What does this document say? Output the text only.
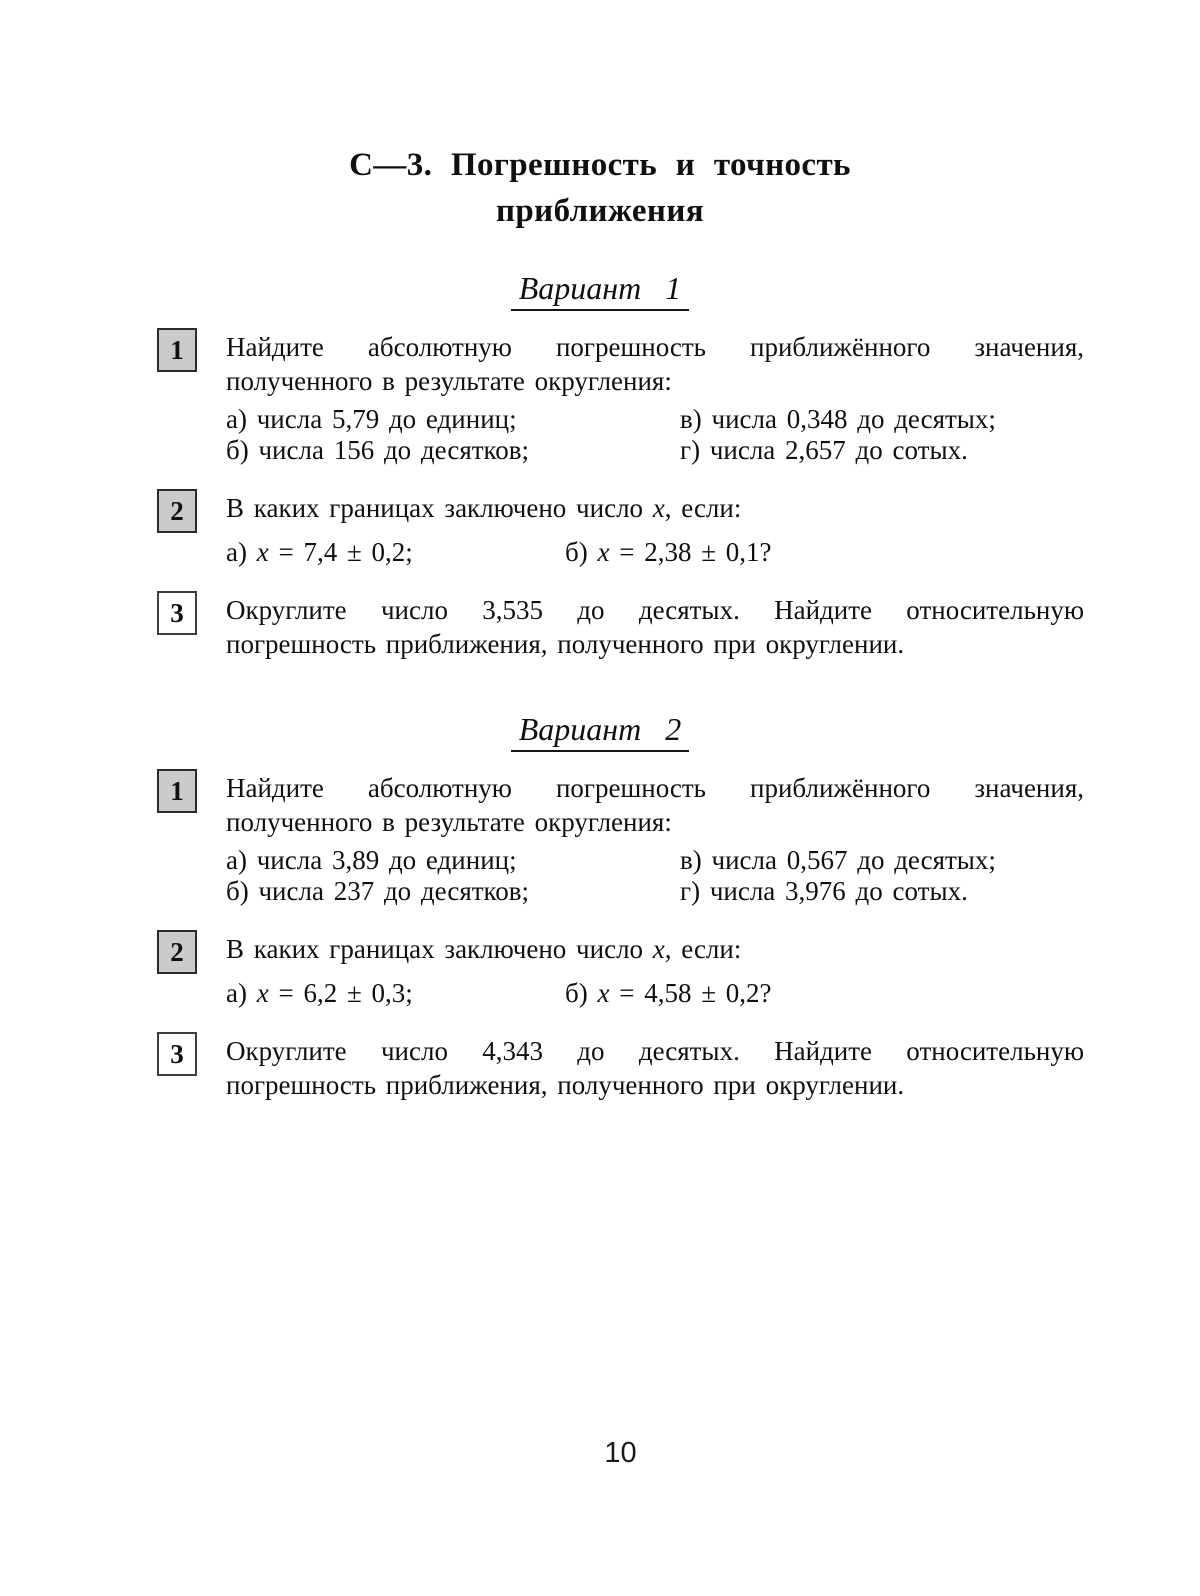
С—3. Погрешность и точность
приближения
Вариант 1
1	Найдите абсолютную погрешность приближённого значения,
полученного в результате округления:
а) числа 5,79 до единиц;	в) числа 0,348 до десятых;
б) числа 156 до десятков;	г) числа 2,657 до сотых.
2	В каких границах заключено число x, если:
а) x = 7,4 ± 0,2;	б) x = 2,38 ± 0,1?
3	Округлите число 3,535 до десятых. Найдите относительную
погрешность приближения, полученного при округлении.
Вариант 2
1	Найдите абсолютную погрешность приближённого значения,
полученного в результате округления:
а) числа 3,89 до единиц;	в) числа 0,567 до десятых;
б) числа 237 до десятков;	г) числа 3,976 до сотых.
2	В каких границах заключено число x, если:
а) x = 6,2 ± 0,3;	б) x = 4,58 ± 0,2?
3	Округлите число 4,343 до десятых. Найдите относительную
погрешность приближения, полученного при округлении.
10
